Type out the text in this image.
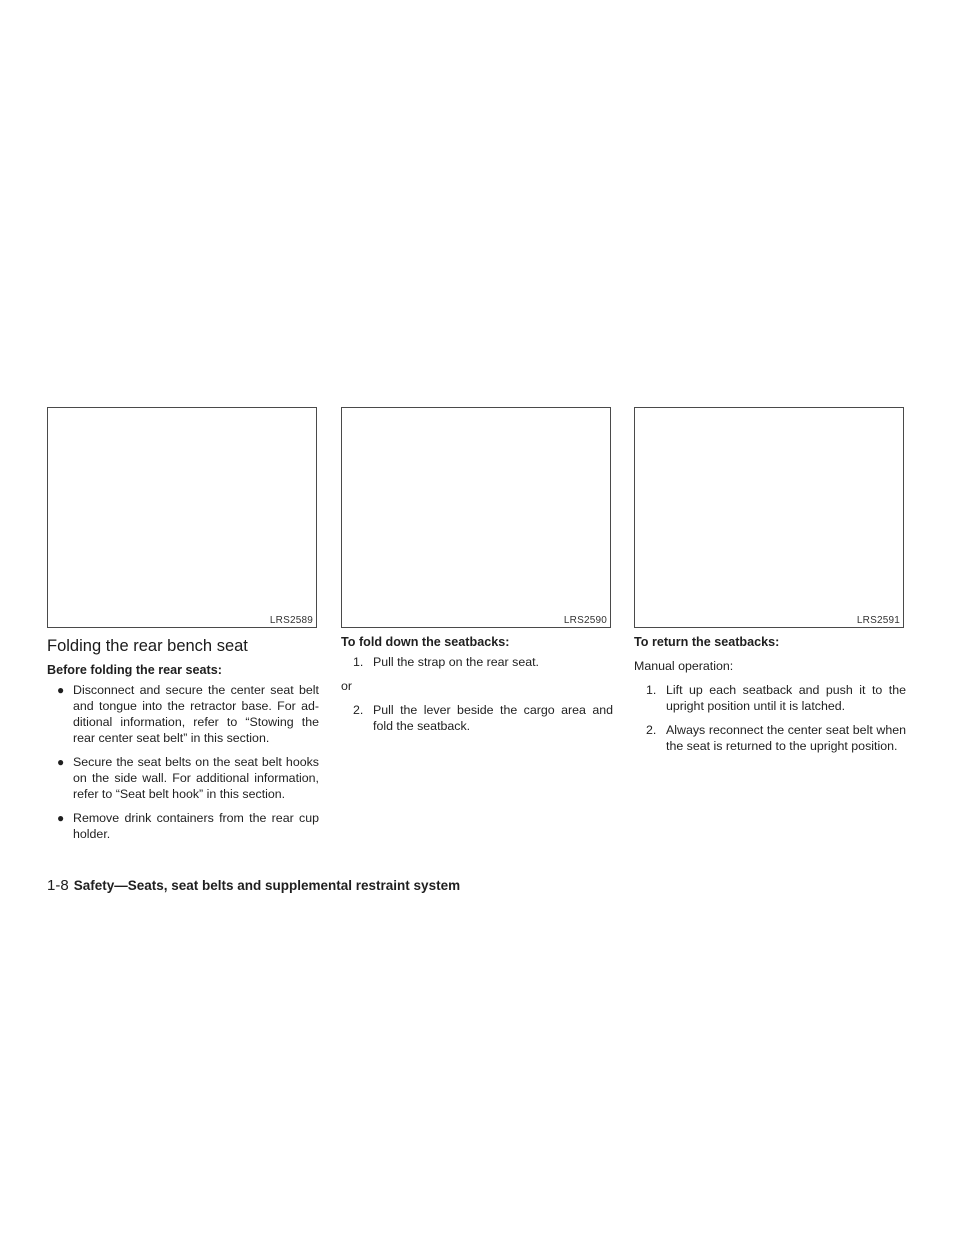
LRS2589	LRS2590	LRS2591
Folding the rear bench seat
Before folding the rear seats:
● Disconnect and secure the center seat belt and tongue into the retractor base. For ad-ditional information, refer to “Stowing the rear center seat belt” in this section.
● Secure the seat belts on the seat belt hooks on the side wall. For additional information, refer to “Seat belt hook” in this section.
● Remove drink containers from the rear cup holder.
To fold down the seatbacks:
1. Pull the strap on the rear seat.
or
2. Pull the lever beside the cargo area and fold the seatback.
To return the seatbacks:
Manual operation:
1. Lift up each seatback and push it to the upright position until it is latched.
2. Always reconnect the center seat belt when the seat is returned to the upright position.
1-8 Safety—Seats, seat belts and supplemental restraint system
